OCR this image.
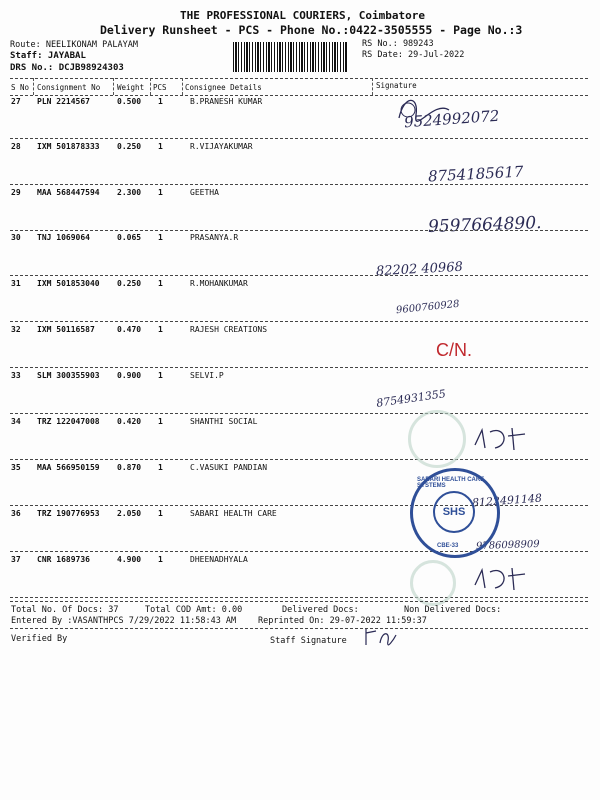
THE PROFESSIONAL COURIERS, Coimbatore
Delivery Runsheet - PCS - Phone No.:0422-3505555 - Page No.:3
Route: NEELIKONAM PALAYAM
Staff: JAYABAL
DRS No.: DCJB98924303
RS No.: 989243
RS Date: 29-Jul-2022
S No Consignment No Weight PCS Consignee Details	Signature
27 PLN 2214567	0.500 1	B.PRANESH KUMAR
9524992072
28 IXM 501878333 0.250 1	R.VIJAYAKUMAR
8754185617
29 MAA 568447594 2.300 1	GEETHA
9597664890.
30 TNJ 1069064	0.065 1	PRASANYA.R
82202 40968
31 IXM 501853040 0.250 1	R.MOHANKUMAR
9600760928
32 IXM 50116587	0.470 1	RAJESH CREATIONS
C/N.
33 SLM 300355903 0.900 1	SELVI.P
8754931355
34 TRZ 122047008 0.420 1	SHANTHI SOCIAL
35 MAA 566950159 0.870 1	C.VASUKI PANDIAN
8122491148
36 TRZ 190776953 2.050 1	SABARI HEALTH CARE
9786098909
37 CNR 1689736	4.900 1	DHEENADHYALA
SABARI HEALTH CARE SYSTEMS
SHS
CBE-33
Total No. Of Docs: 37	Total COD Amt: 0.00	Delivered Docs:	Non Delivered Docs:
Entered By :VASANTHPCS 7/29/2022 11:58:43 AM	Reprinted On: 29-07-2022 11:59:37
Verified By	Staff Signature
